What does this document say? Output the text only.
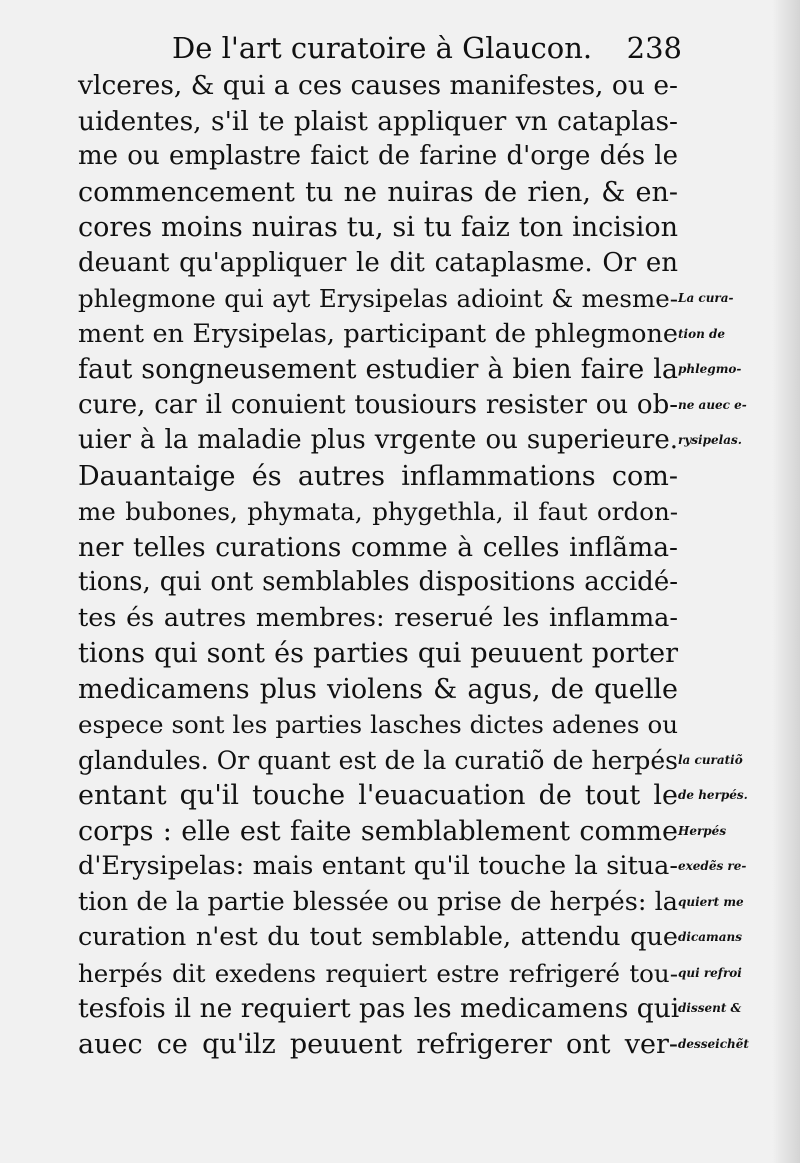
De l'art curatoire à Glaucon. 238
vlceres, & qui a ces causes manifestes, ou e-
uidentes, s'il te plaist appliquer vn cataplas-
me ou emplastre faict de farine d'orge dés le
commencement tu ne nuiras de rien, & en-
cores moins nuiras tu, si tu faiz ton incision
deuant qu'appliquer le dit cataplasme. Or en
phlegmone qui ayt Erysipelas adioint & mesme-
ment en Erysipelas, participant de phlegmone
faut songneusement estudier à bien faire la
cure, car il conuient tousiours resister ou ob-
uier à la maladie plus vrgente ou superieure.
Dauantaige és autres inflammations com-
me bubones, phymata, phygethla, il faut ordon-
ner telles curations comme à celles inflãma-
tions, qui ont semblables dispositions accidé-
tes és autres membres: reserué les inflamma-
tions qui sont és parties qui peuuent porter
medicamens plus violens & agus, de quelle
espece sont les parties lasches dictes adenes ou
glandules. Or quant est de la curatiõ de herpés
entant qu'il touche l'euacuation de tout le
corps : elle est faite semblablement comme
d'Erysipelas: mais entant qu'il touche la situa-
tion de la partie blessée ou prise de herpés: la
curation n'est du tout semblable, attendu que
herpés dit exedens requiert estre refrigeré tou-
tesfois il ne requiert pas les medicamens qui
auec ce qu'ilz peuuent refrigerer ont ver-
La cura-
tion de
phlegmo-
ne auec e-
rysipelas.
la curatiõ
de herpés.
Herpés
exedẽs re-
quiert me
dicamans
qui refroi
dissent &
desseichẽt
